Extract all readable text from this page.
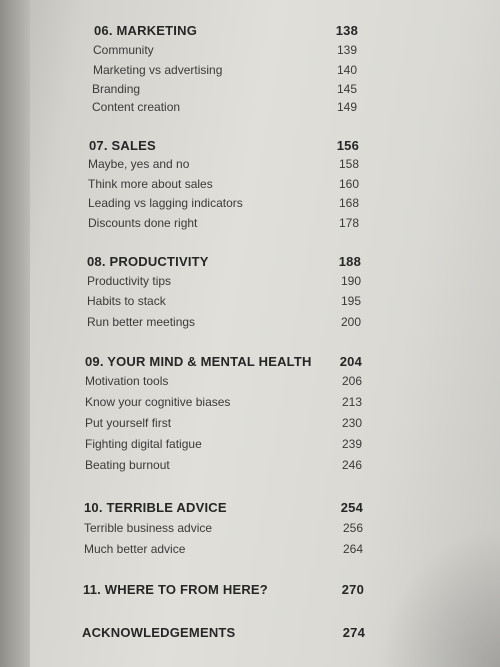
06. MARKETING	138
Community	139
Marketing vs advertising	140
Branding	145
Content creation	149
07. SALES	156
Maybe, yes and no	158
Think more about sales	160
Leading vs lagging indicators	168
Discounts done right	178
08. PRODUCTIVITY	188
Productivity tips	190
Habits to stack	195
Run better meetings	200
09. YOUR MIND & MENTAL HEALTH 204
Motivation tools	206
Know your cognitive biases	213
Put yourself first	230
Fighting digital fatigue	239
Beating burnout	246
10. TERRIBLE ADVICE	254
Terrible business advice	256
Much better advice	264
11. WHERE TO FROM HERE?	270
ACKNOWLEDGEMENTS	274
